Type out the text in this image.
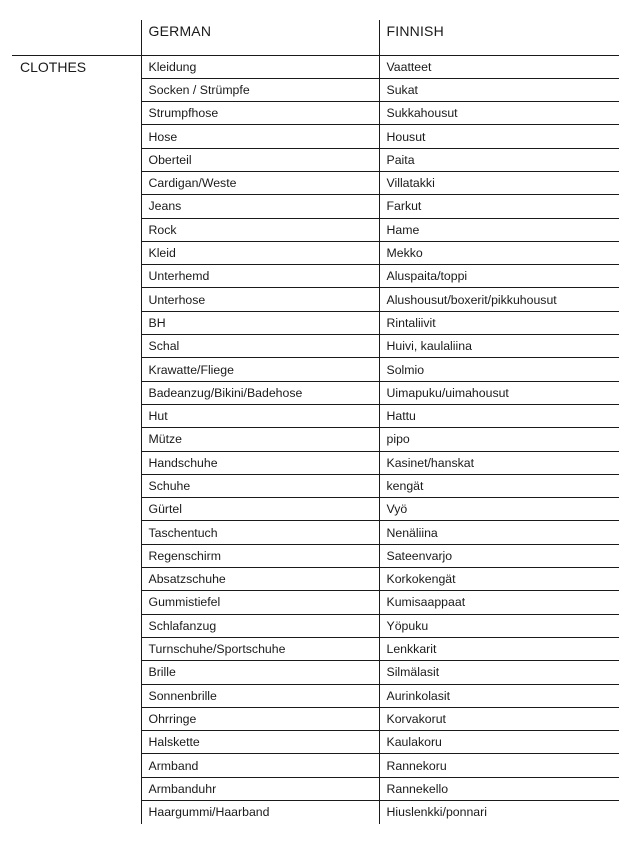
	GERMAN	FINNISH
CLOTHES	Kleidung	Vaatteet
	Socken / Strümpfe	Sukat
	Strumpfhose	Sukkahousut
	Hose	Housut
	Oberteil	Paita
	Cardigan/Weste	Villatakki
	Jeans	Farkut
	Rock	Hame
	Kleid	Mekko
	Unterhemd	Aluspaita/toppi
	Unterhose	Alushousut/boxerit/pikkuhousut
	BH	Rintaliivit
	Schal	Huivi, kaulaliina
	Krawatte/Fliege	Solmio
	Badeanzug/Bikini/Badehose	Uimapuku/uimahousut
	Hut	Hattu
	Mütze	pipo
	Handschuhe	Kasinet/hanskat
	Schuhe	kengät
	Gürtel	Vyö
	Taschentuch	Nenäliina
	Regenschirm	Sateenvarjo
	Absatzschuhe	Korkokengät
	Gummistiefel	Kumisaappaat
	Schlafanzug	Yöpuku
	Turnschuhe/Sportschuhe	Lenkkarit
	Brille	Silmälasit
	Sonnenbrille	Aurinkolasit
	Ohrringe	Korvakorut
	Halskette	Kaulakoru
	Armband	Rannekoru
	Armbanduhr	Rannekello
	Haargummi/Haarband	Hiuslenkki/ponnari
